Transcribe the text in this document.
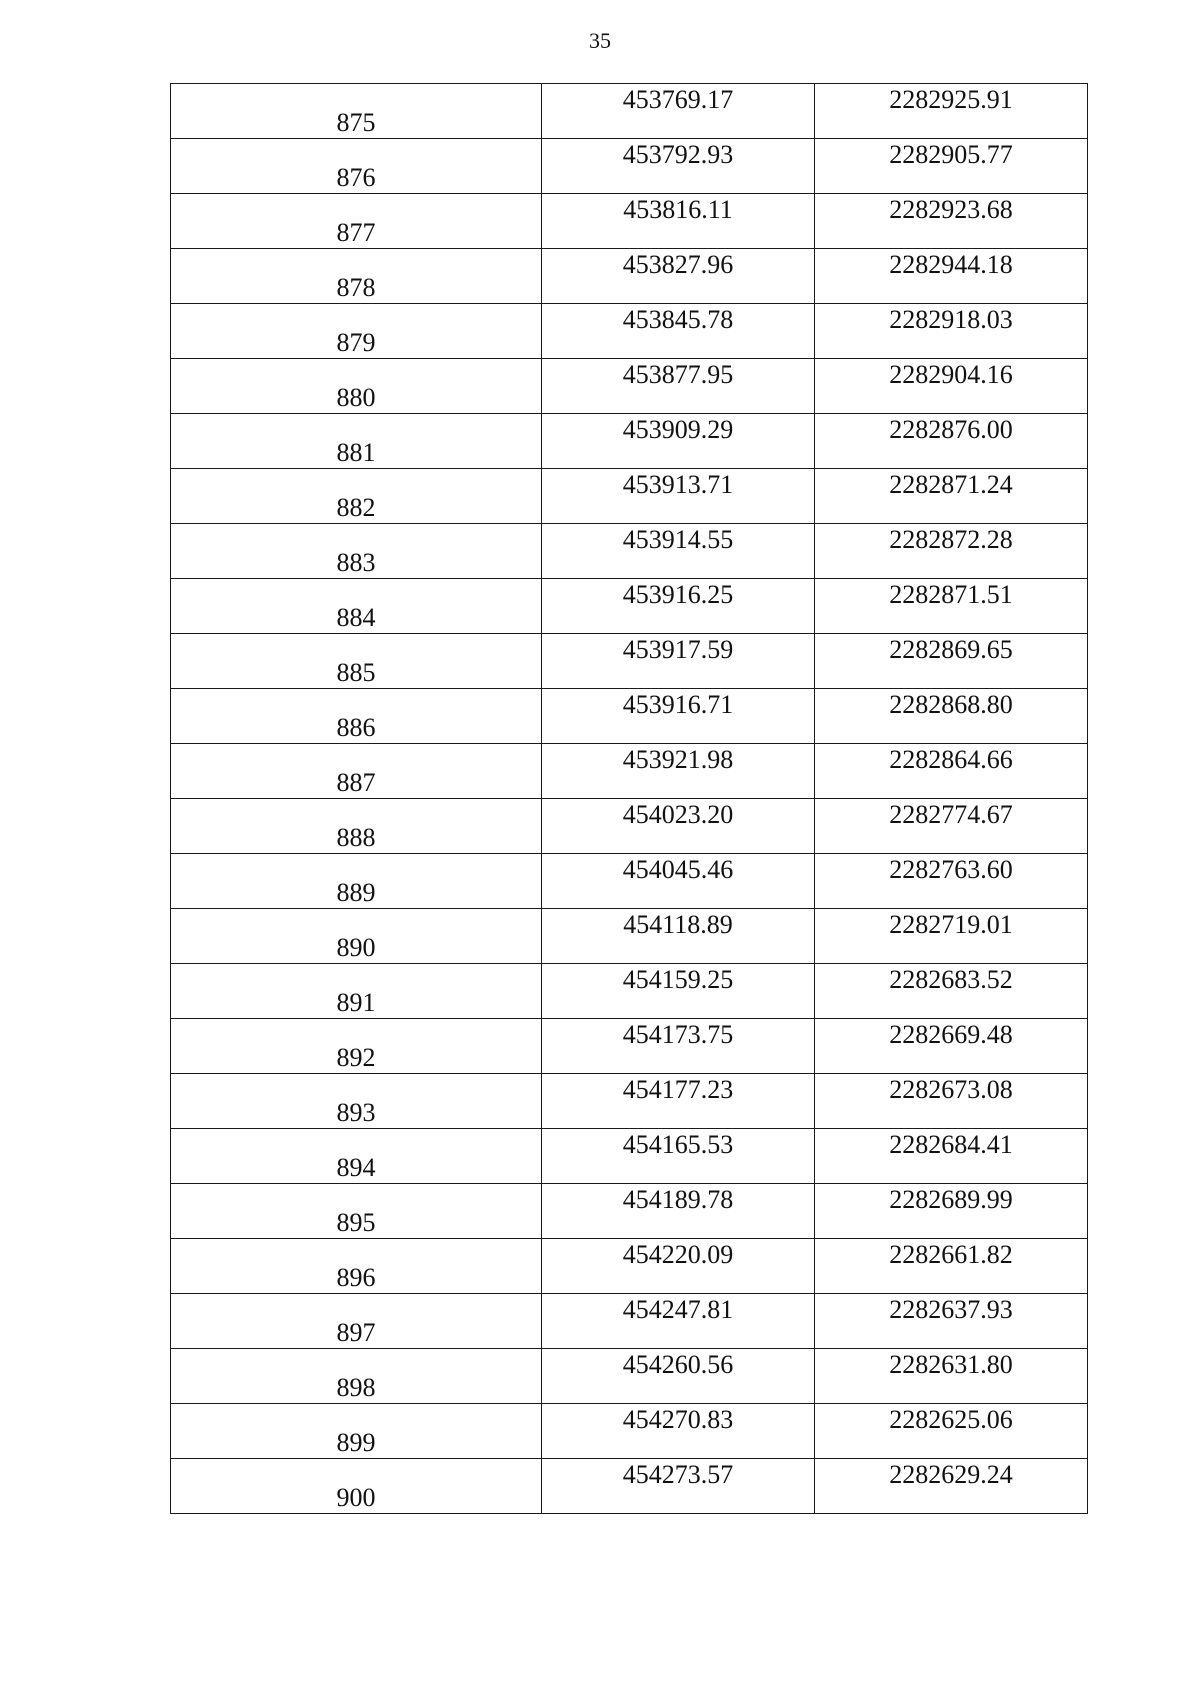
35
875	453769.17	2282925.91
876	453792.93	2282905.77
877	453816.11	2282923.68
878	453827.96	2282944.18
879	453845.78	2282918.03
880	453877.95	2282904.16
881	453909.29	2282876.00
882	453913.71	2282871.24
883	453914.55	2282872.28
884	453916.25	2282871.51
885	453917.59	2282869.65
886	453916.71	2282868.80
887	453921.98	2282864.66
888	454023.20	2282774.67
889	454045.46	2282763.60
890	454118.89	2282719.01
891	454159.25	2282683.52
892	454173.75	2282669.48
893	454177.23	2282673.08
894	454165.53	2282684.41
895	454189.78	2282689.99
896	454220.09	2282661.82
897	454247.81	2282637.93
898	454260.56	2282631.80
899	454270.83	2282625.06
900	454273.57	2282629.24
